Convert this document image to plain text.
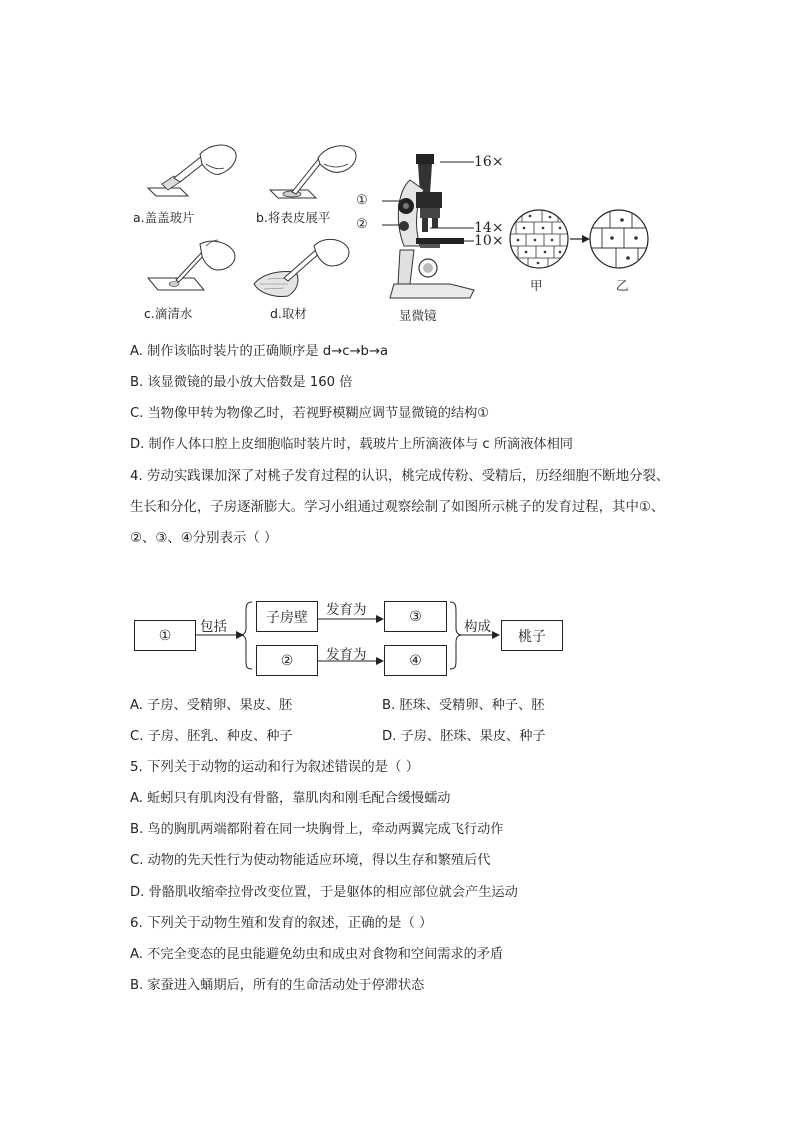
a.盖盖玻片	b.将表皮展平
c.滴清水	d.取材
16×
14×
10×
①
②
显微镜
甲	乙
A. 制作该临时装片的正确顺序是 d→c→b→a
B. 该显微镜的最小放大倍数是 160 倍
C. 当物像甲转为物像乙时，若视野模糊应调节显微镜的结构①
D. 制作人体口腔上皮细胞临时装片时，载玻片上所滴液体与 c 所滴液体相同
4. 劳动实践课加深了对桃子发育过程的认识，桃完成传粉、受精后，历经细胞不断地分裂、
生长和分化，子房逐渐膨大。学习小组通过观察绘制了如图所示桃子的发育过程，其中①、
②、③、④分别表示（ ）
①
包括
子房壁	发育为	③
②	发育为	④
构成
桃子
A. 子房、受精卵、果皮、胚	B. 胚珠、受精卵、种子、胚
C. 子房、胚乳、种皮、种子	D. 子房、胚珠、果皮、种子
5. 下列关于动物的运动和行为叙述错误的是（ ）
A. 蚯蚓只有肌肉没有骨骼，靠肌肉和刚毛配合缓慢蠕动
B. 鸟的胸肌两端都附着在同一块胸骨上，牵动两翼完成飞行动作
C. 动物的先天性行为使动物能适应环境，得以生存和繁殖后代
D. 骨骼肌收缩牵拉骨改变位置，于是躯体的相应部位就会产生运动
6. 下列关于动物生殖和发育的叙述，正确的是（ ）
A. 不完全变态的昆虫能避免幼虫和成虫对食物和空间需求的矛盾
B. 家蚕进入蛹期后，所有的生命活动处于停滞状态
